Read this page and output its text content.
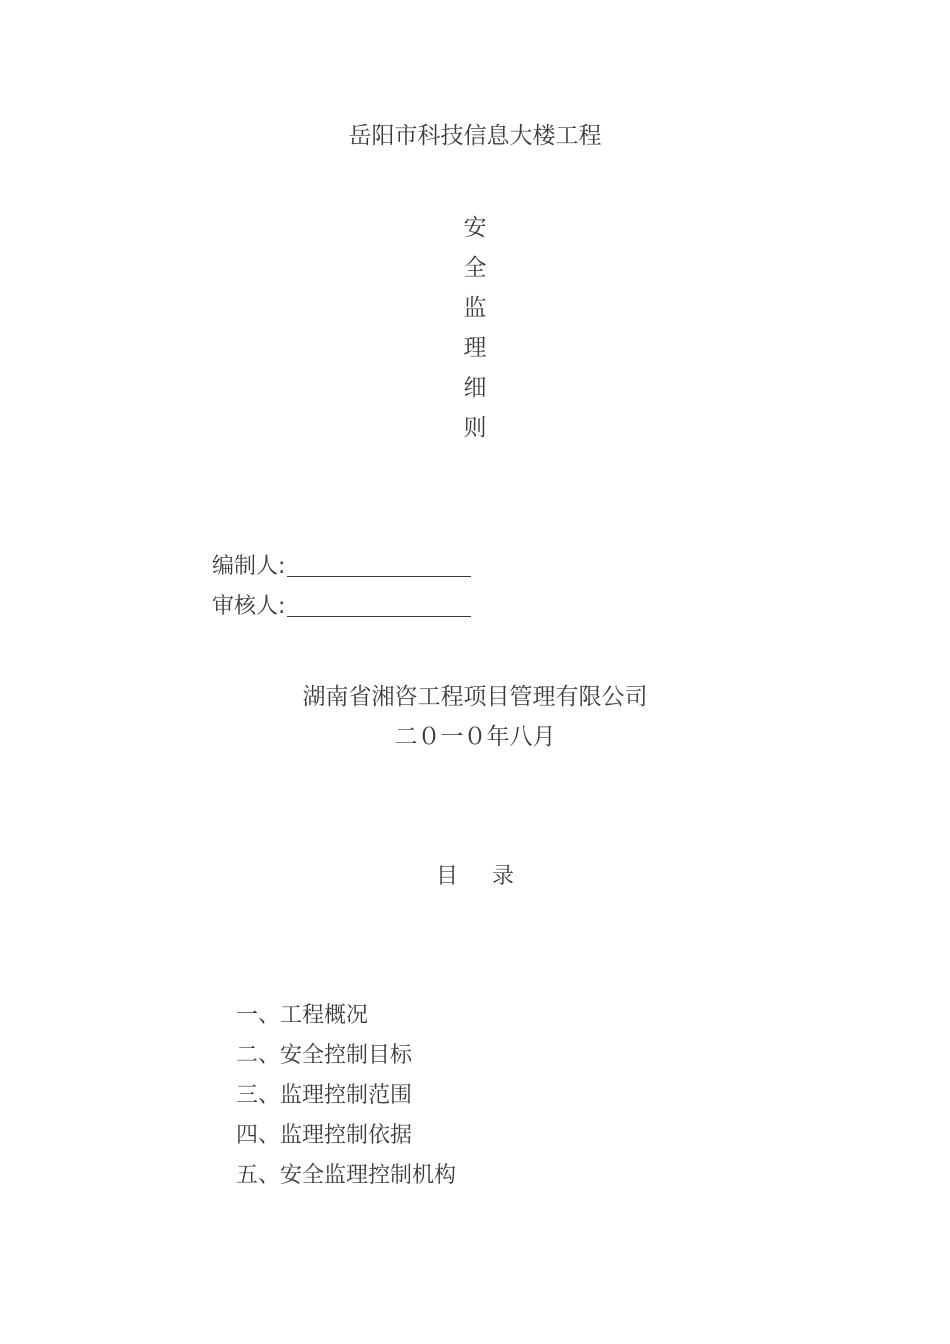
岳阳市科技信息大楼工程
安
全
监
理
细
则
编制人:
审核人:
湖南省湘咨工程项目管理有限公司
二０一０年八月
目 录
一、工程概况
二、安全控制目标
三、监理控制范围
四、监理控制依据
五、安全监理控制机构
